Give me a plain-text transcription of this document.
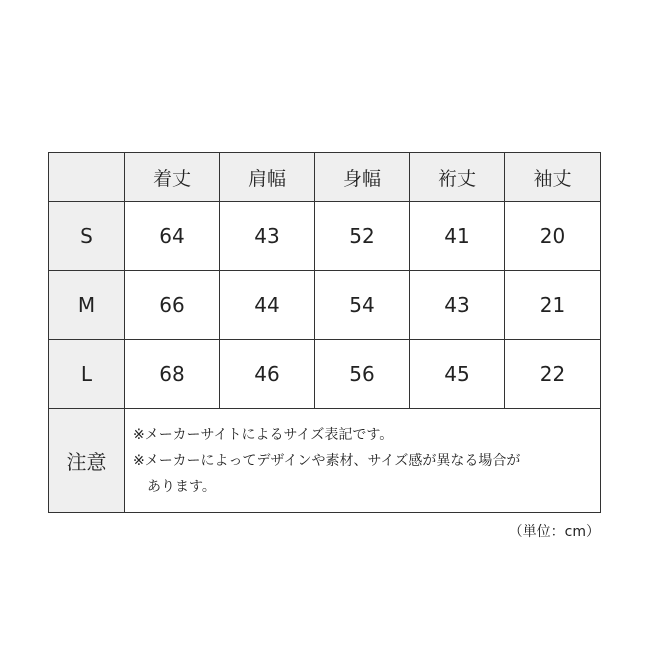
	着丈	肩幅	身幅	裄丈	袖丈
S	64	43	52	41	20
M	66	44	54	43	21
L	68	46	56	45	22
注意	※メーカーサイトによるサイズ表記です。
※メーカーによってデザインや素材、サイズ感が異なる場合が
あります。				
（単位：cm）
